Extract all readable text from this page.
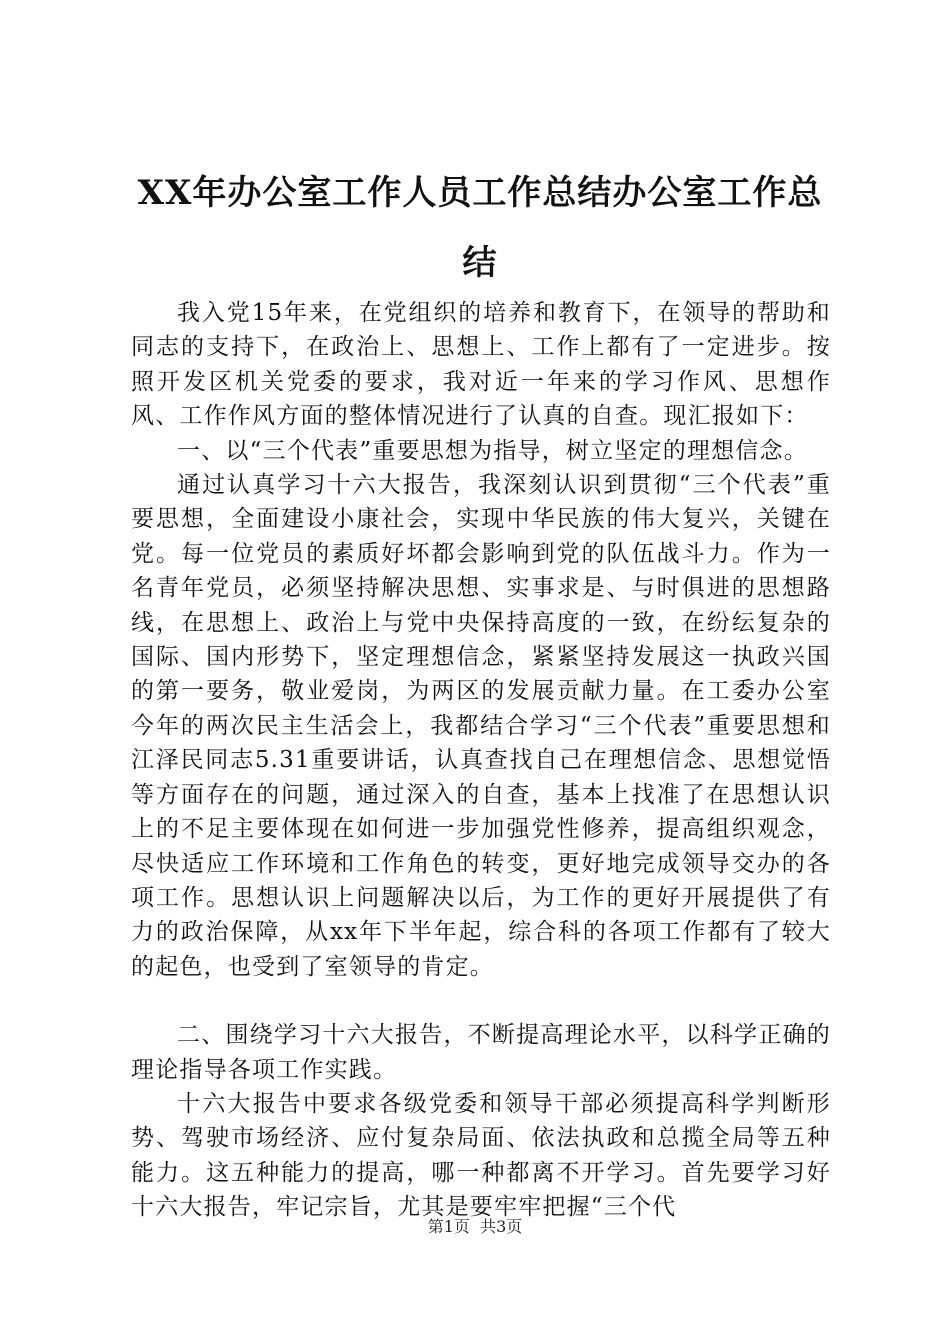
XX年办公室工作人员工作总结办公室工作总
结

我入党15年来，在党组织的培养和教育下，在领导的帮助和同志的支持下，在政治上、思想上、工作上都有了一定进步。按照开发区机关党委的要求，我对近一年来的学习作风、思想作风、工作作风方面的整体情况进行了认真的自查。现汇报如下：

一、以“三个代表”重要思想为指导，树立坚定的理想信念。

通过认真学习十六大报告，我深刻认识到贯彻“三个代表”重要思想，全面建设小康社会，实现中华民族的伟大复兴，关键在党。每一位党员的素质好坏都会影响到党的队伍战斗力。作为一名青年党员，必须坚持解决思想、实事求是、与时俱进的思想路线，在思想上、政治上与党中央保持高度的一致，在纷纭复杂的国际、国内形势下，坚定理想信念，紧紧坚持发展这一执政兴国的第一要务，敬业爱岗，为两区的发展贡献力量。在工委办公室今年的两次民主生活会上，我都结合学习“三个代表”重要思想和江泽民同志5.31重要讲话，认真查找自己在理想信念、思想觉悟等方面存在的问题，通过深入的自查，基本上找准了在思想认识上的不足主要体现在如何进一步加强党性修养，提高组织观念，尽快适应工作环境和工作角色的转变，更好地完成领导交办的各项工作。思想认识上问题解决以后，为工作的更好开展提供了有力的政治保障，从xx年下半年起，综合科的各项工作都有了较大的起色，也受到了室领导的肯定。

二、围绕学习十六大报告，不断提高理论水平，以科学正确的理论指导各项工作实践。

十六大报告中要求各级党委和领导干部必须提高科学判断形势、驾驶市场经济、应付复杂局面、依法执政和总揽全局等五种能力。这五种能力的提高，哪一种都离不开学习。首先要学习好十六大报告，牢记宗旨，尤其是要牢牢把握“三个代

第1页  共3页
